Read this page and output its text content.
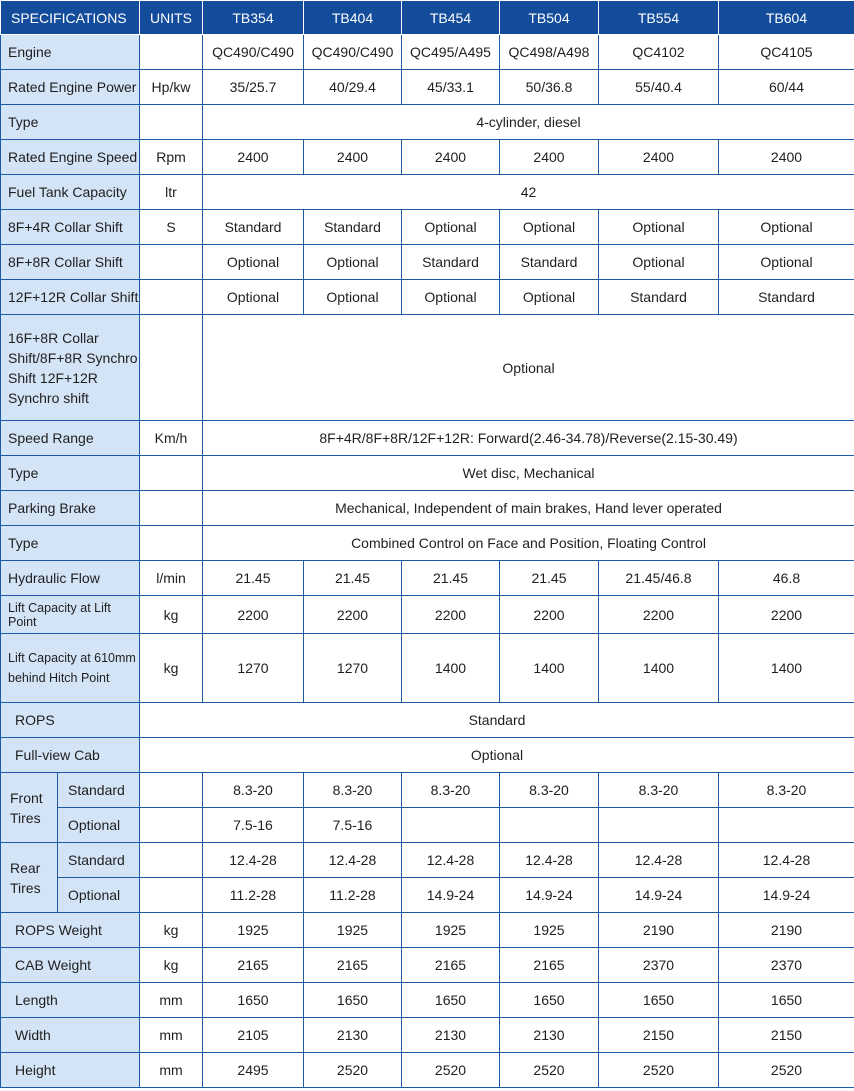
SPECIFICATIONS		UNITS	TB354	TB404	TB454	TB504	TB554	TB604
Engine			QC490/C490	QC490/C490	QC495/A495	QC498/A498	QC4102	QC4105
Rated Engine Power		Hp/kw	35/25.7	40/29.4	45/33.1	50/36.8	55/40.4	60/44
Type			4-cylinder, diesel					
Rated Engine Speed		Rpm	2400	2400	2400	2400	2400	2400
Fuel Tank Capacity		ltr	42					
8F+4R Collar Shift		S	Standard	Standard	Optional	Optional	Optional	Optional
8F+8R Collar Shift			Optional	Optional	Standard	Standard	Optional	Optional
12F+12R Collar Shift			Optional	Optional	Optional	Optional	Standard	Standard
16F+8R Collar Shift/8F+8R Synchro Shift 12F+12R Synchro shift			Optional					
Speed Range		Km/h	8F+4R/8F+8R/12F+12R: Forward(2.46-34.78)/Reverse(2.15-30.49)					
Type			Wet disc, Mechanical					
Parking Brake			Mechanical, Independent of main brakes, Hand lever operated					
Type			Combined Control on Face and Position, Floating Control					
Hydraulic Flow		l/min	21.45	21.45	21.45	21.45	21.45/46.8	46.8
Lift Capacity at Lift Point		kg	2200	2200	2200	2200	2200	2200
Lift Capacity at 610mm behind Hitch Point		kg	1270	1270	1400	1400	1400	1400
ROPS		Standard						
Full-view Cab		Optional						
Front Tires	Standard		8.3-20	8.3-20	8.3-20	8.3-20	8.3-20	8.3-20
	Optional		7.5-16	7.5-16				
Rear Tires	Standard		12.4-28	12.4-28	12.4-28	12.4-28	12.4-28	12.4-28
	Optional		11.2-28	11.2-28	14.9-24	14.9-24	14.9-24	14.9-24
ROPS Weight		kg	1925	1925	1925	1925	2190	2190
CAB Weight		kg	2165	2165	2165	2165	2370	2370
Length		mm	1650	1650	1650	1650	1650	1650
Width		mm	2105	2130	2130	2130	2150	2150
Height		mm	2495	2520	2520	2520	2520	2520
